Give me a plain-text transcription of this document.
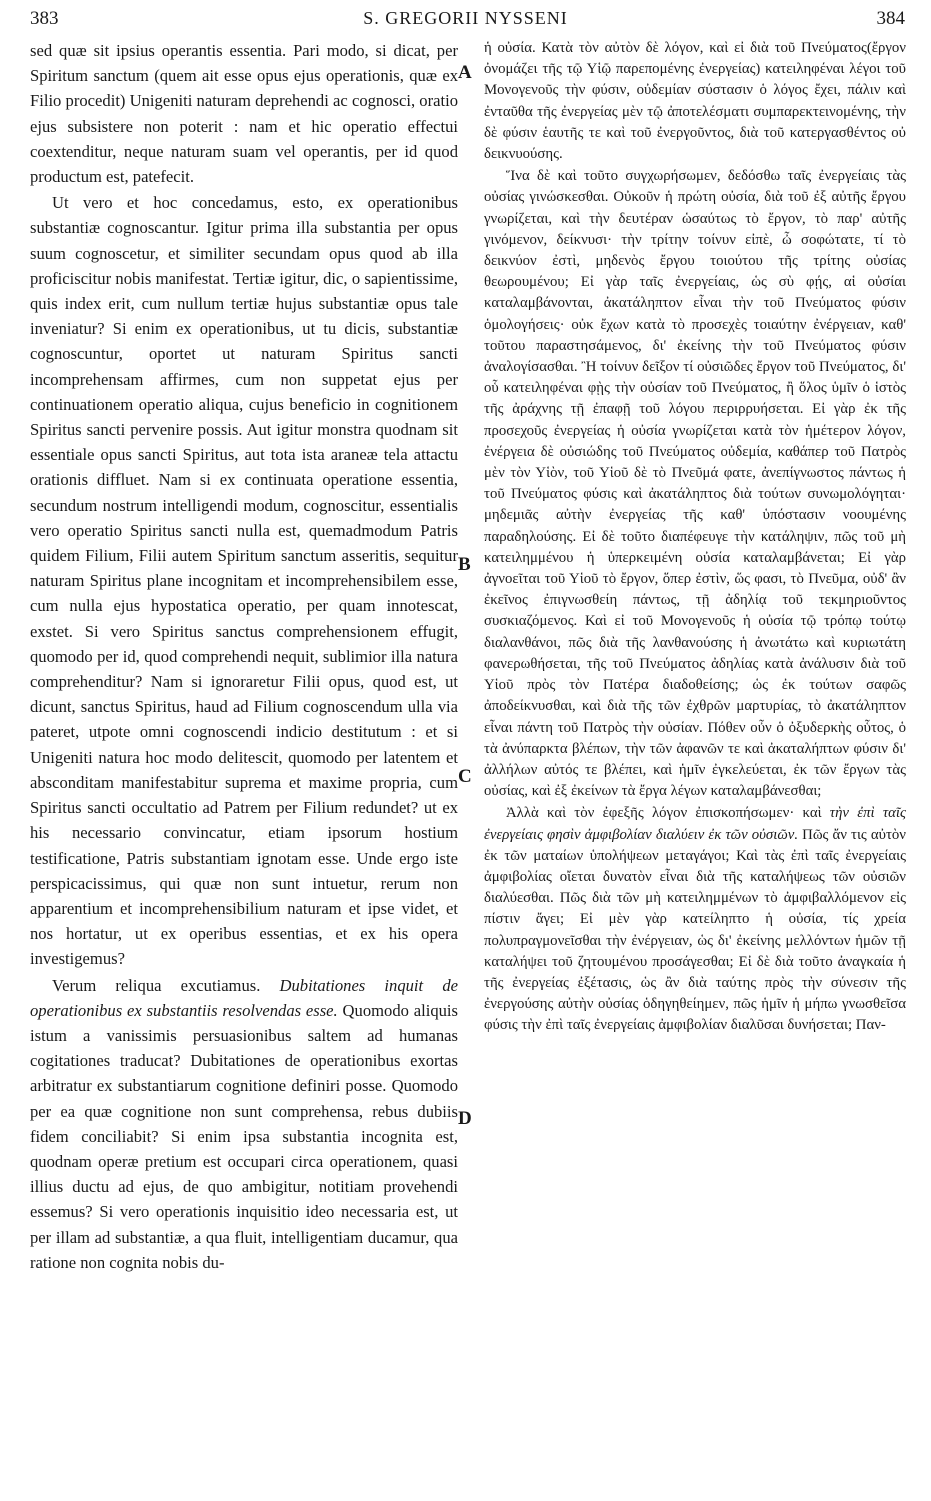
383	S. GREGORII NYSSENI	384

sed quæ sit ipsius operantis essentia. Pari modo, si dicat, per Spiritum sanctum (quem ait esse opus ejus operationis, quæ ex Filio procedit) Unigeniti naturam deprehendi ac cognosci, oratio ejus subsistere non poterit : nam et hic operatio effectui coextenditur, neque naturam suam vel operantis, per id quod productum est, patefecit.

Ut vero et hoc concedamus, esto, ex operationibus substantiæ cognoscantur. Igitur prima illa substantia per opus suum cognoscetur, et similiter secundam opus quod ab illa proficiscitur nobis manifestat. Tertiæ igitur, dic, o sapientissime, quis index erit, cum nullum tertiæ hujus substantiæ opus tale inveniatur? Si enim ex operationibus, ut tu dicis, substantiæ cognoscuntur, oportet ut naturam Spiritus sancti incomprehensam affirmes, cum non suppetat ejus per continuationem operatio aliqua, cujus beneficio in cognitionem Spiritus sancti pervenire possis. Aut igitur monstra quodnam sit essentiale opus sancti Spiritus, aut tota ista araneæ tela attactu orationis diffluet. Nam si ex continuata operatione essentia, secundum nostrum intelligendi modum, cognoscitur, essentialis vero operatio Spiritus sancti nulla est, quemadmodum Patris quidem Filium, Filii autem Spiritum sanctum asseritis, sequitur naturam Spiritus plane incognitam et incomprehensibilem esse, cum nulla ejus hypostatica operatio, per quam innotescat, exstet. Si vero Spiritus sanctus comprehensionem effugit, quomodo per id, quod comprehendi nequit, sublimior illa natura comprehenditur? Nam si ignoraretur Filii opus, quod est, ut dicunt, sanctus Spiritus, haud ad Filium cognoscendum ulla via pateret, utpote omni cognoscendi indicio destitutum : et si Unigeniti natura hoc modo delitescit, quomodo per latentem et absconditam manifestabitur suprema et maxime propria, cum Spiritus sancti occultatio ad Patrem per Filium redundet? ut ex his necessario convincatur, etiam ipsorum hostium testificatione, Patris substantiam ignotam esse. Unde ergo iste perspicacissimus, qui quæ non sunt intuetur, rerum non apparentium et incomprehensibilium naturam et ipse videt, et nos hortatur, ut ex operibus essentias, et ex his opera investigemus?

Verum reliqua excutiamus. Dubitationes inquit de operationibus ex substantiis resolvendas esse. Quomodo aliquis istum a vanissimis persuasionibus saltem ad humanas cogitationes traducat? Dubitationes de operationibus exortas arbitratur ex substantiarum cognitione definiri posse. Quomodo per ea quæ cognitione non sunt comprehensa, rebus dubiis fidem conciliabit? Si enim ipsa substantia incognita est, quodnam operæ pretium est occupari circa operationem, quasi illius ductu ad ejus, de quo ambigitur, notitiam provehendi essemus? Si vero operationis inquisitio ideo necessaria est, ut per illam ad substantiæ, a qua fluit, intelligentiam ducamur, qua ratione non cognita nobis du-

A
B
C
D

ἡ οὐσία. Κατὰ τὸν αὐτὸν δὲ λόγον, καὶ εἰ διὰ τοῦ Πνεύματος(ἔργον ὀνομάζει τῆς τῷ Υἱῷ παρεπομένης ἐνεργείας) κατειληφέναι λέγοι τοῦ Μονογενοῦς τὴν φύσιν, οὐδεμίαν σύστασιν ὁ λόγος ἔχει, πάλιν καὶ ἐνταῦθα τῆς ἐνεργείας μὲν τῷ ἀποτελέσματι συμπαρεκτεινομένης, τὴν δὲ φύσιν ἑαυτῆς τε καὶ τοῦ ἐνεργοῦντος, διὰ τοῦ κατεργασθέντος οὐ δεικνυούσης.

Ἵνα δὲ καὶ τοῦτο συγχωρήσωμεν, δεδόσθω ταῖς ἐνεργείαις τὰς οὐσίας γινώσκεσθαι. Οὐκοῦν ἡ πρώτη οὐσία, διὰ τοῦ ἐξ αὐτῆς ἔργου γνωρίζεται, καὶ τὴν δευτέραν ὡσαύτως τὸ ἔργον, τὸ παρ' αὐτῆς γινόμενον, δείκνυσι· τὴν τρίτην τοίνυν εἰπὲ, ὦ σοφώτατε, τί τὸ δεικνύον ἐστὶ, μηδενὸς ἔργου τοιούτου τῆς τρίτης οὐσίας θεωρουμένου; Εἰ γὰρ ταῖς ἐνεργείαις, ὡς σὺ φῄς, αἱ οὐσίαι καταλαμβάνονται, ἀκατάληπτον εἶναι τὴν τοῦ Πνεύματος φύσιν ὁμολογήσεις· οὐκ ἔχων κατὰ τὸ προσεχὲς τοιαύτην ἐνέργειαν, καθ' τοῦτου παραστησάμενος, δι' ἐκείνης τὴν τοῦ Πνεύματος φύσιν ἀναλογίσασθαι. Ἢ τοίνυν δεῖξον τί οὐσιῶδες ἔργον τοῦ Πνεύματος, δι' οὗ κατειληφέναι φῂς τὴν οὐσίαν τοῦ Πνεύματος, ἢ ὅλος ὑμῖν ὁ ἱστὸς τῆς ἀράχνης τῇ ἐπαφῇ τοῦ λόγου περιρρυήσεται. Εἰ γὰρ ἐκ τῆς προσεχοῦς ἐνεργείας ἡ οὐσία γνωρίζεται κατὰ τὸν ἡμέτερον λόγον, ἐνέργεια δὲ οὐσιώδης τοῦ Πνεύματος οὐδεμία, καθάπερ τοῦ Πατρὸς μὲν τὸν Υἱὸν, τοῦ Υἱοῦ δὲ τὸ Πνεῦμά φατε, ἀνεπίγνωστος πάντως ἡ τοῦ Πνεύματος φύσις καὶ ἀκατάληπτος διὰ τούτων συνωμολόγηται· μηδεμιᾶς αὐτὴν ἐνεργείας τῆς καθ' ὑπόστασιν νοουμένης παραδηλούσης. Εἰ δὲ τοῦτο διαπέφευγε τὴν κατάληψιν, πῶς τοῦ μὴ κατειλημμένου ἡ ὑπερκειμένη οὐσία καταλαμβάνεται; Εἰ γὰρ ἀγνοεῖται τοῦ Υἱοῦ τὸ ἔργον, ὅπερ ἐστὶν, ὥς φασι, τὸ Πνεῦμα, οὐδ' ἂν ἐκεῖνος ἐπιγνωσθείη πάντως, τῇ ἀδηλίᾳ τοῦ τεκμηριοῦντος συσκιαζόμενος. Καὶ εἰ τοῦ Μονογενοῦς ἡ οὐσία τῷ τρόπῳ τούτῳ διαλανθάνοι, πῶς διὰ τῆς λανθανούσης ἡ ἀνωτάτω καὶ κυριωτάτη φανερωθήσεται, τῆς τοῦ Πνεύματος ἀδηλίας κατὰ ἀνάλυσιν διὰ τοῦ Υἱοῦ πρὸς τὸν Πατέρα διαδοθείσης; ὡς ἐκ τούτων σαφῶς ἀποδείκνυσθαι, καὶ διὰ τῆς τῶν ἐχθρῶν μαρτυρίας, τὸ ἀκατάληπτον εἶναι πάντη τοῦ Πατρὸς τὴν οὐσίαν. Πόθεν οὖν ὁ ὀξυδερκὴς οὗτος, ὁ τὰ ἀνύπαρκτα βλέπων, τὴν τῶν ἀφανῶν τε καὶ ἀκαταλήπτων φύσιν δι' ἀλλήλων αὐτός τε βλέπει, καὶ ἡμῖν ἐγκελεύεται, ἐκ τῶν ἔργων τὰς οὐσίας, καὶ ἐξ ἐκείνων τὰ ἔργα λέγων καταλαμβάνεσθαι;

Ἀλλὰ καὶ τὸν ἐφεξῆς λόγον ἐπισκοπήσωμεν· καὶ τὴν ἐπὶ ταῖς ἐνεργείαις φησὶν ἀμφιβολίαν διαλύειν ἐκ τῶν οὐσιῶν. Πῶς ἄν τις αὐτὸν ἐκ τῶν ματαίων ὑπολήψεων μεταγάγοι; Καὶ τὰς ἐπὶ ταῖς ἐνεργείαις ἀμφιβολίας οἴεται δυνατὸν εἶναι διὰ τῆς καταλήψεως τῶν οὐσιῶν διαλύεσθαι. Πῶς διὰ τῶν μὴ κατειλημμένων τὸ ἀμφιβαλλόμενον εἰς πίστιν ἄγει; Εἰ μὲν γὰρ κατείληπτο ἡ οὐσία, τίς χρεία πολυπραγμονεῖσθαι τὴν ἐνέργειαν, ὡς δι' ἐκείνης μελλόντων ἡμῶν τῇ καταλήψει τοῦ ζητουμένου προσάγεσθαι; Εἰ δὲ διὰ τοῦτο ἀναγκαία ἡ τῆς ἐνεργείας ἐξέτασις, ὡς ἂν διὰ ταύτης πρὸς τὴν σύνεσιν τῆς ἐνεργούσης αὐτὴν οὐσίας ὁδηγηθείημεν, πῶς ἡμῖν ἡ μήπω γνωσθεῖσα φύσις τὴν ἐπὶ ταῖς ἐνεργείαις ἀμφιβολίαν διαλῦσαι δυνήσεται; Παν-
